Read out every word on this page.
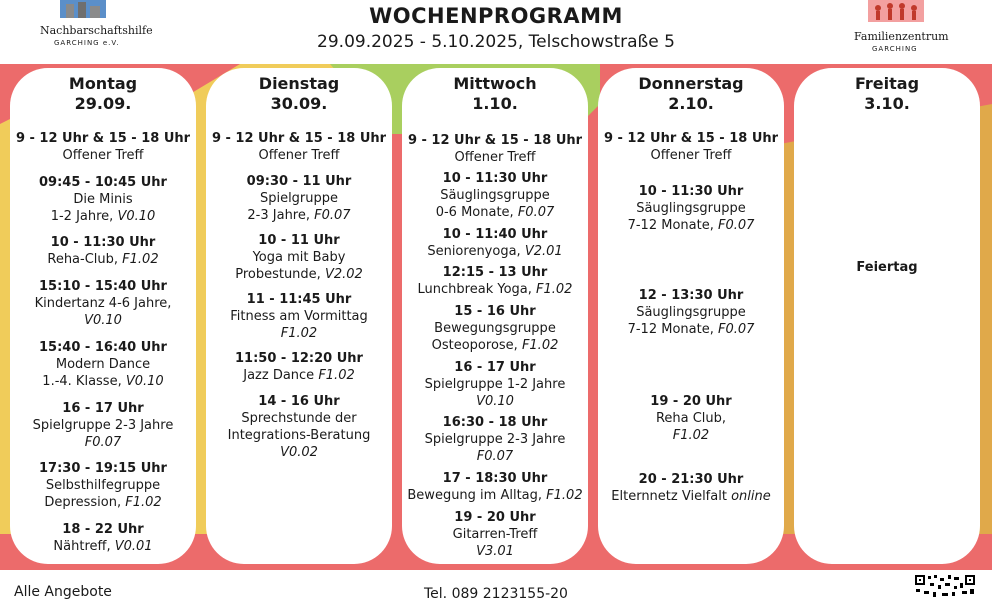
Nachbarschaftshilfe
GARCHING e.V.
WOCHENPROGRAMM
29.09.2025 - 5.10.2025, Telschowstraße 5	Familienzentrum
GARCHING
Montag
29.09.
9 - 12 Uhr & 15 - 18 Uhr
Offener Treff
09:45 - 10:45 Uhr
Die Minis
1-2 Jahre, V0.10
10 - 11:30 Uhr
Reha-Club, F1.02
15:10 - 15:40 Uhr
Kindertanz 4-6 Jahre,
V0.10
15:40 - 16:40 Uhr
Modern Dance
1.-4. Klasse, V0.10
16 - 17 Uhr
Spielgruppe 2-3 Jahre
F0.07
17:30 - 19:15 Uhr
Selbsthilfegruppe
Depression, F1.02
18 - 22 Uhr
Nähtreff, V0.01
Dienstag
30.09.
9 - 12 Uhr & 15 - 18 Uhr
Offener Treff
09:30 - 11 Uhr
Spielgruppe
2-3 Jahre, F0.07
10 - 11 Uhr
Yoga mit Baby
Probestunde, V2.02
11 - 11:45 Uhr
Fitness am Vormittag
F1.02
11:50 - 12:20 Uhr
Jazz Dance F1.02
14 - 16 Uhr
Sprechstunde der
Integrations-Beratung
V0.02
Mittwoch
1.10.
9 - 12 Uhr & 15 - 18 Uhr
Offener Treff
10 - 11:30 Uhr
Säuglingsgruppe
0-6 Monate, F0.07
10 - 11:40 Uhr
Seniorenyoga, V2.01
12:15 - 13 Uhr
Lunchbreak Yoga, F1.02
15 - 16 Uhr
Bewegungsgruppe
Osteoporose, F1.02
16 - 17 Uhr
Spielgruppe 1-2 Jahre
V0.10
16:30 - 18 Uhr
Spielgruppe 2-3 Jahre
F0.07
17 - 18:30 Uhr
Bewegung im Alltag, F1.02
19 - 20 Uhr
Gitarren-Treff
V3.01
Donnerstag
2.10.
9 - 12 Uhr & 15 - 18 Uhr
Offener Treff
10 - 11:30 Uhr
Säuglingsgruppe
7-12 Monate, F0.07
12 - 13:30 Uhr
Säuglingsgruppe
7-12 Monate, F0.07
19 - 20 Uhr
Reha Club,
F1.02
20 - 21:30 Uhr
Elternnetz Vielfalt online
Freitag
3.10.
Feiertag
Alle Angebote	Tel. 089 2123155-20
